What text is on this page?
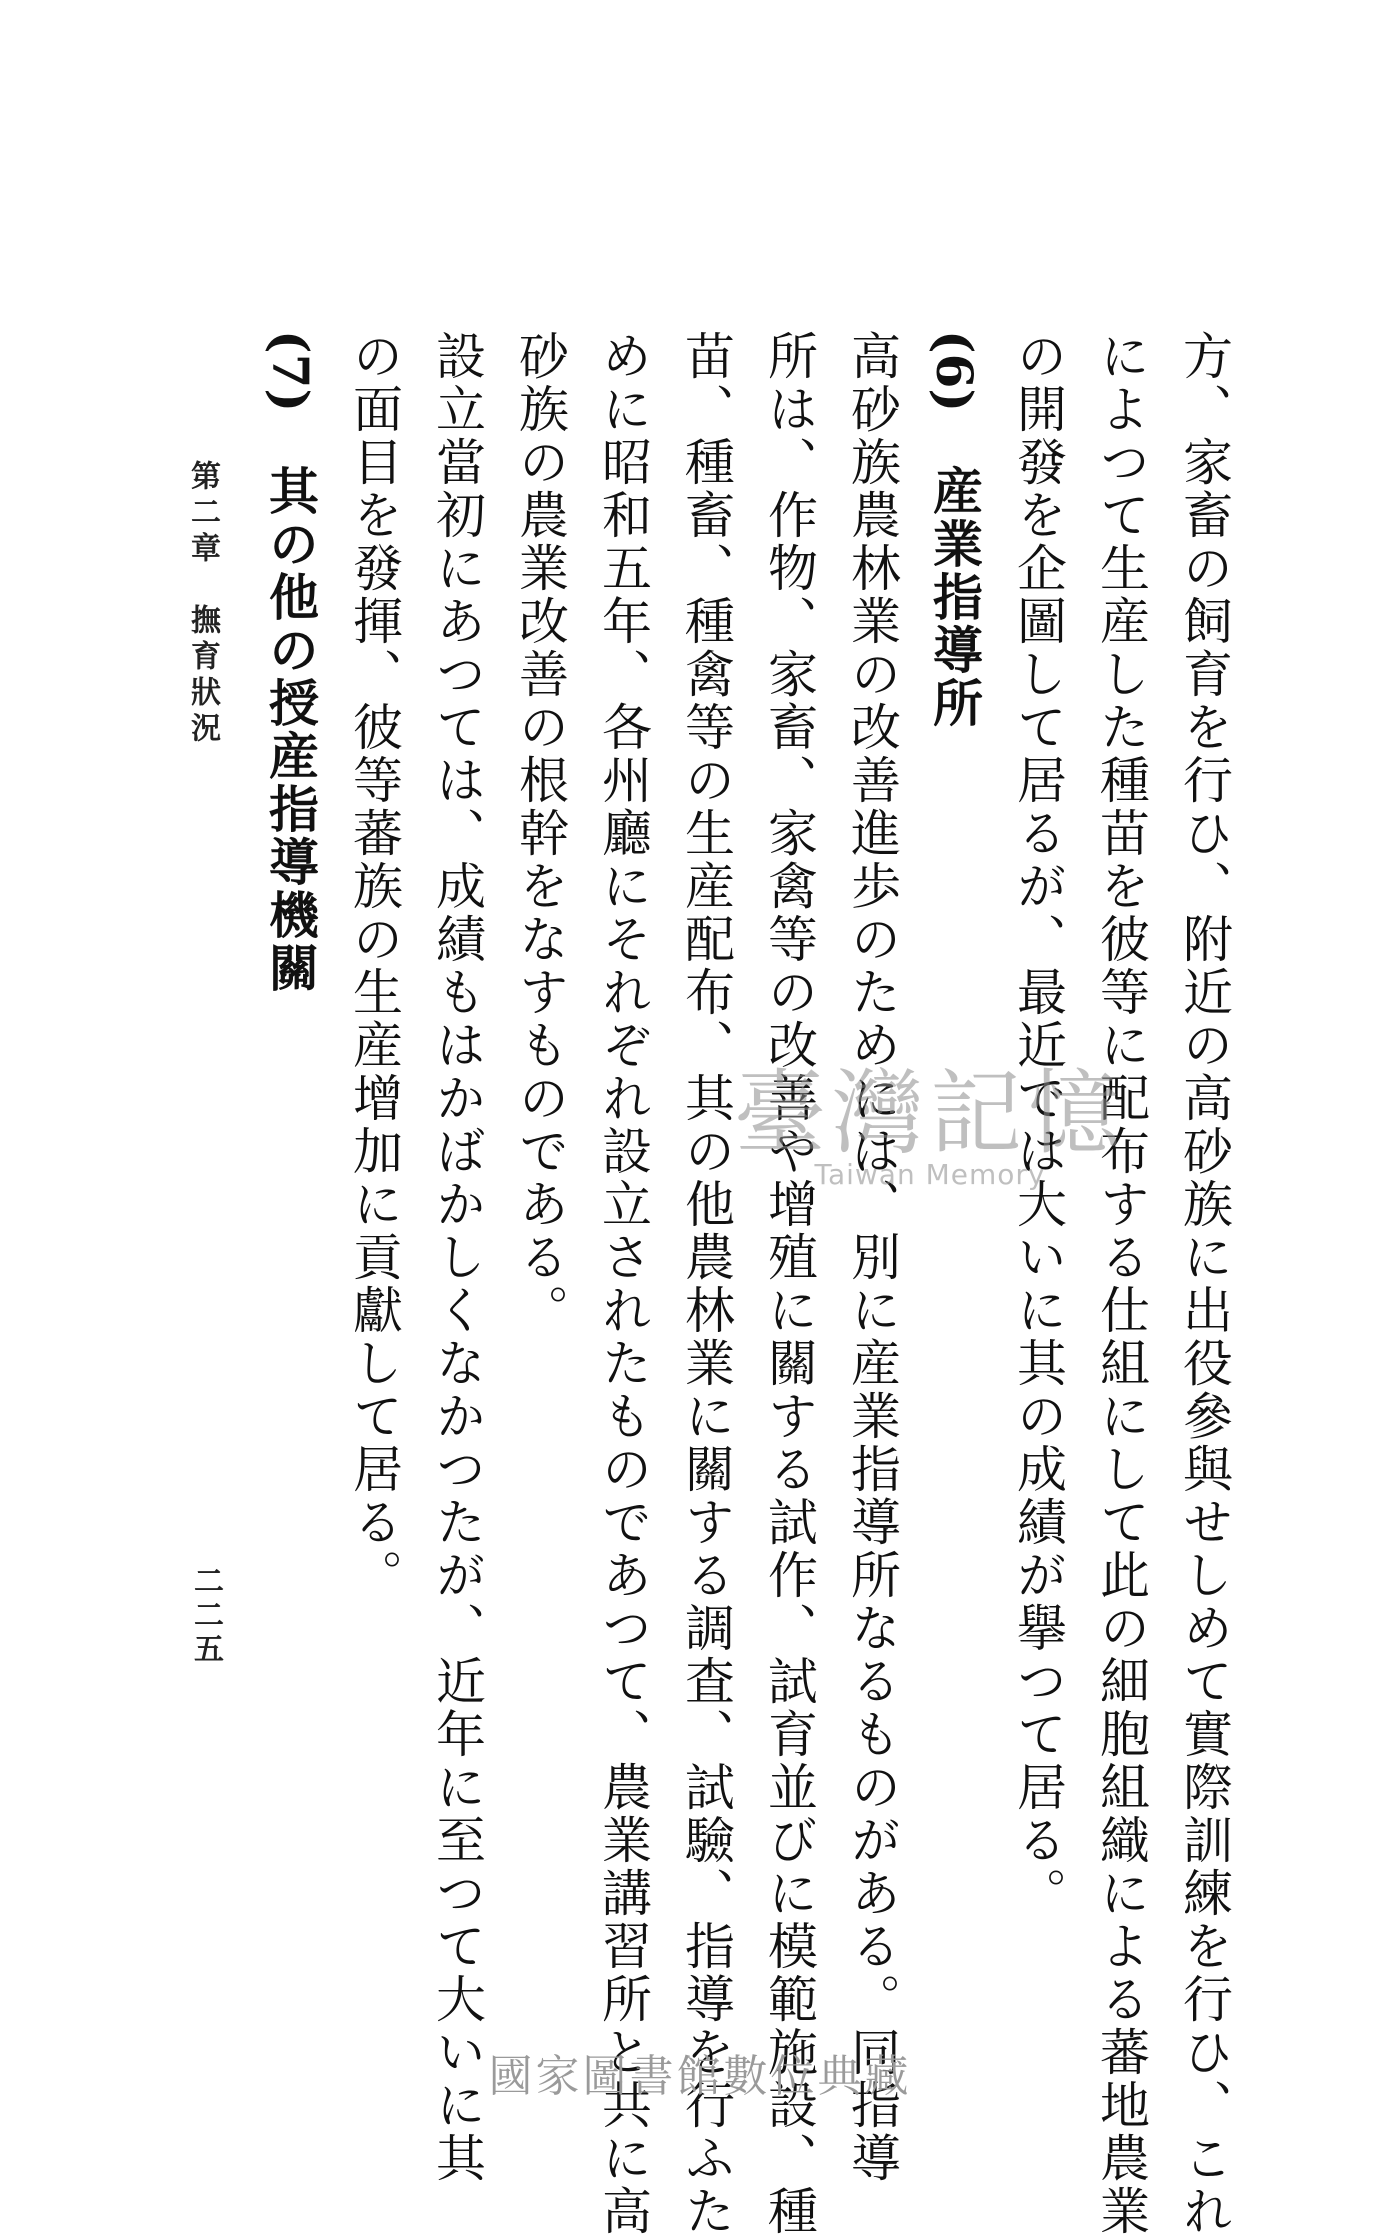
方、家畜の飼育を行ひ、附近の高砂族に出役參與せしめて實際訓練を行ひ、これ
によつて生産した種苗を彼等に配布する仕組にして此の細胞組織による蕃地農業
の開發を企圖して居るが、最近では大いに其の成績が擧つて居る。
(6)　産業指導所
高砂族農林業の改善進歩のためには、別に産業指導所なるものがある。同指導
所は、作物、家畜、家禽等の改善や增殖に關する試作、試育並びに模範施設、種
苗、種畜、種禽等の生産配布、其の他農林業に關する調査、試驗、指導を行ふた
めに昭和五年、各州廳にそれぞれ設立されたものであつて、農業講習所と共に高
砂族の農業改善の根幹をなすものである。
設立當初にあつては、成績もはかばかしくなかつたが、近年に至つて大いに其
の面目を發揮、彼等蕃族の生産增加に貢獻して居る。
(7)　其の他の授産指導機關
第二章　撫育狀況
二二五
臺灣記憶
Taiwan Memory
國家圖書館數位典藏
